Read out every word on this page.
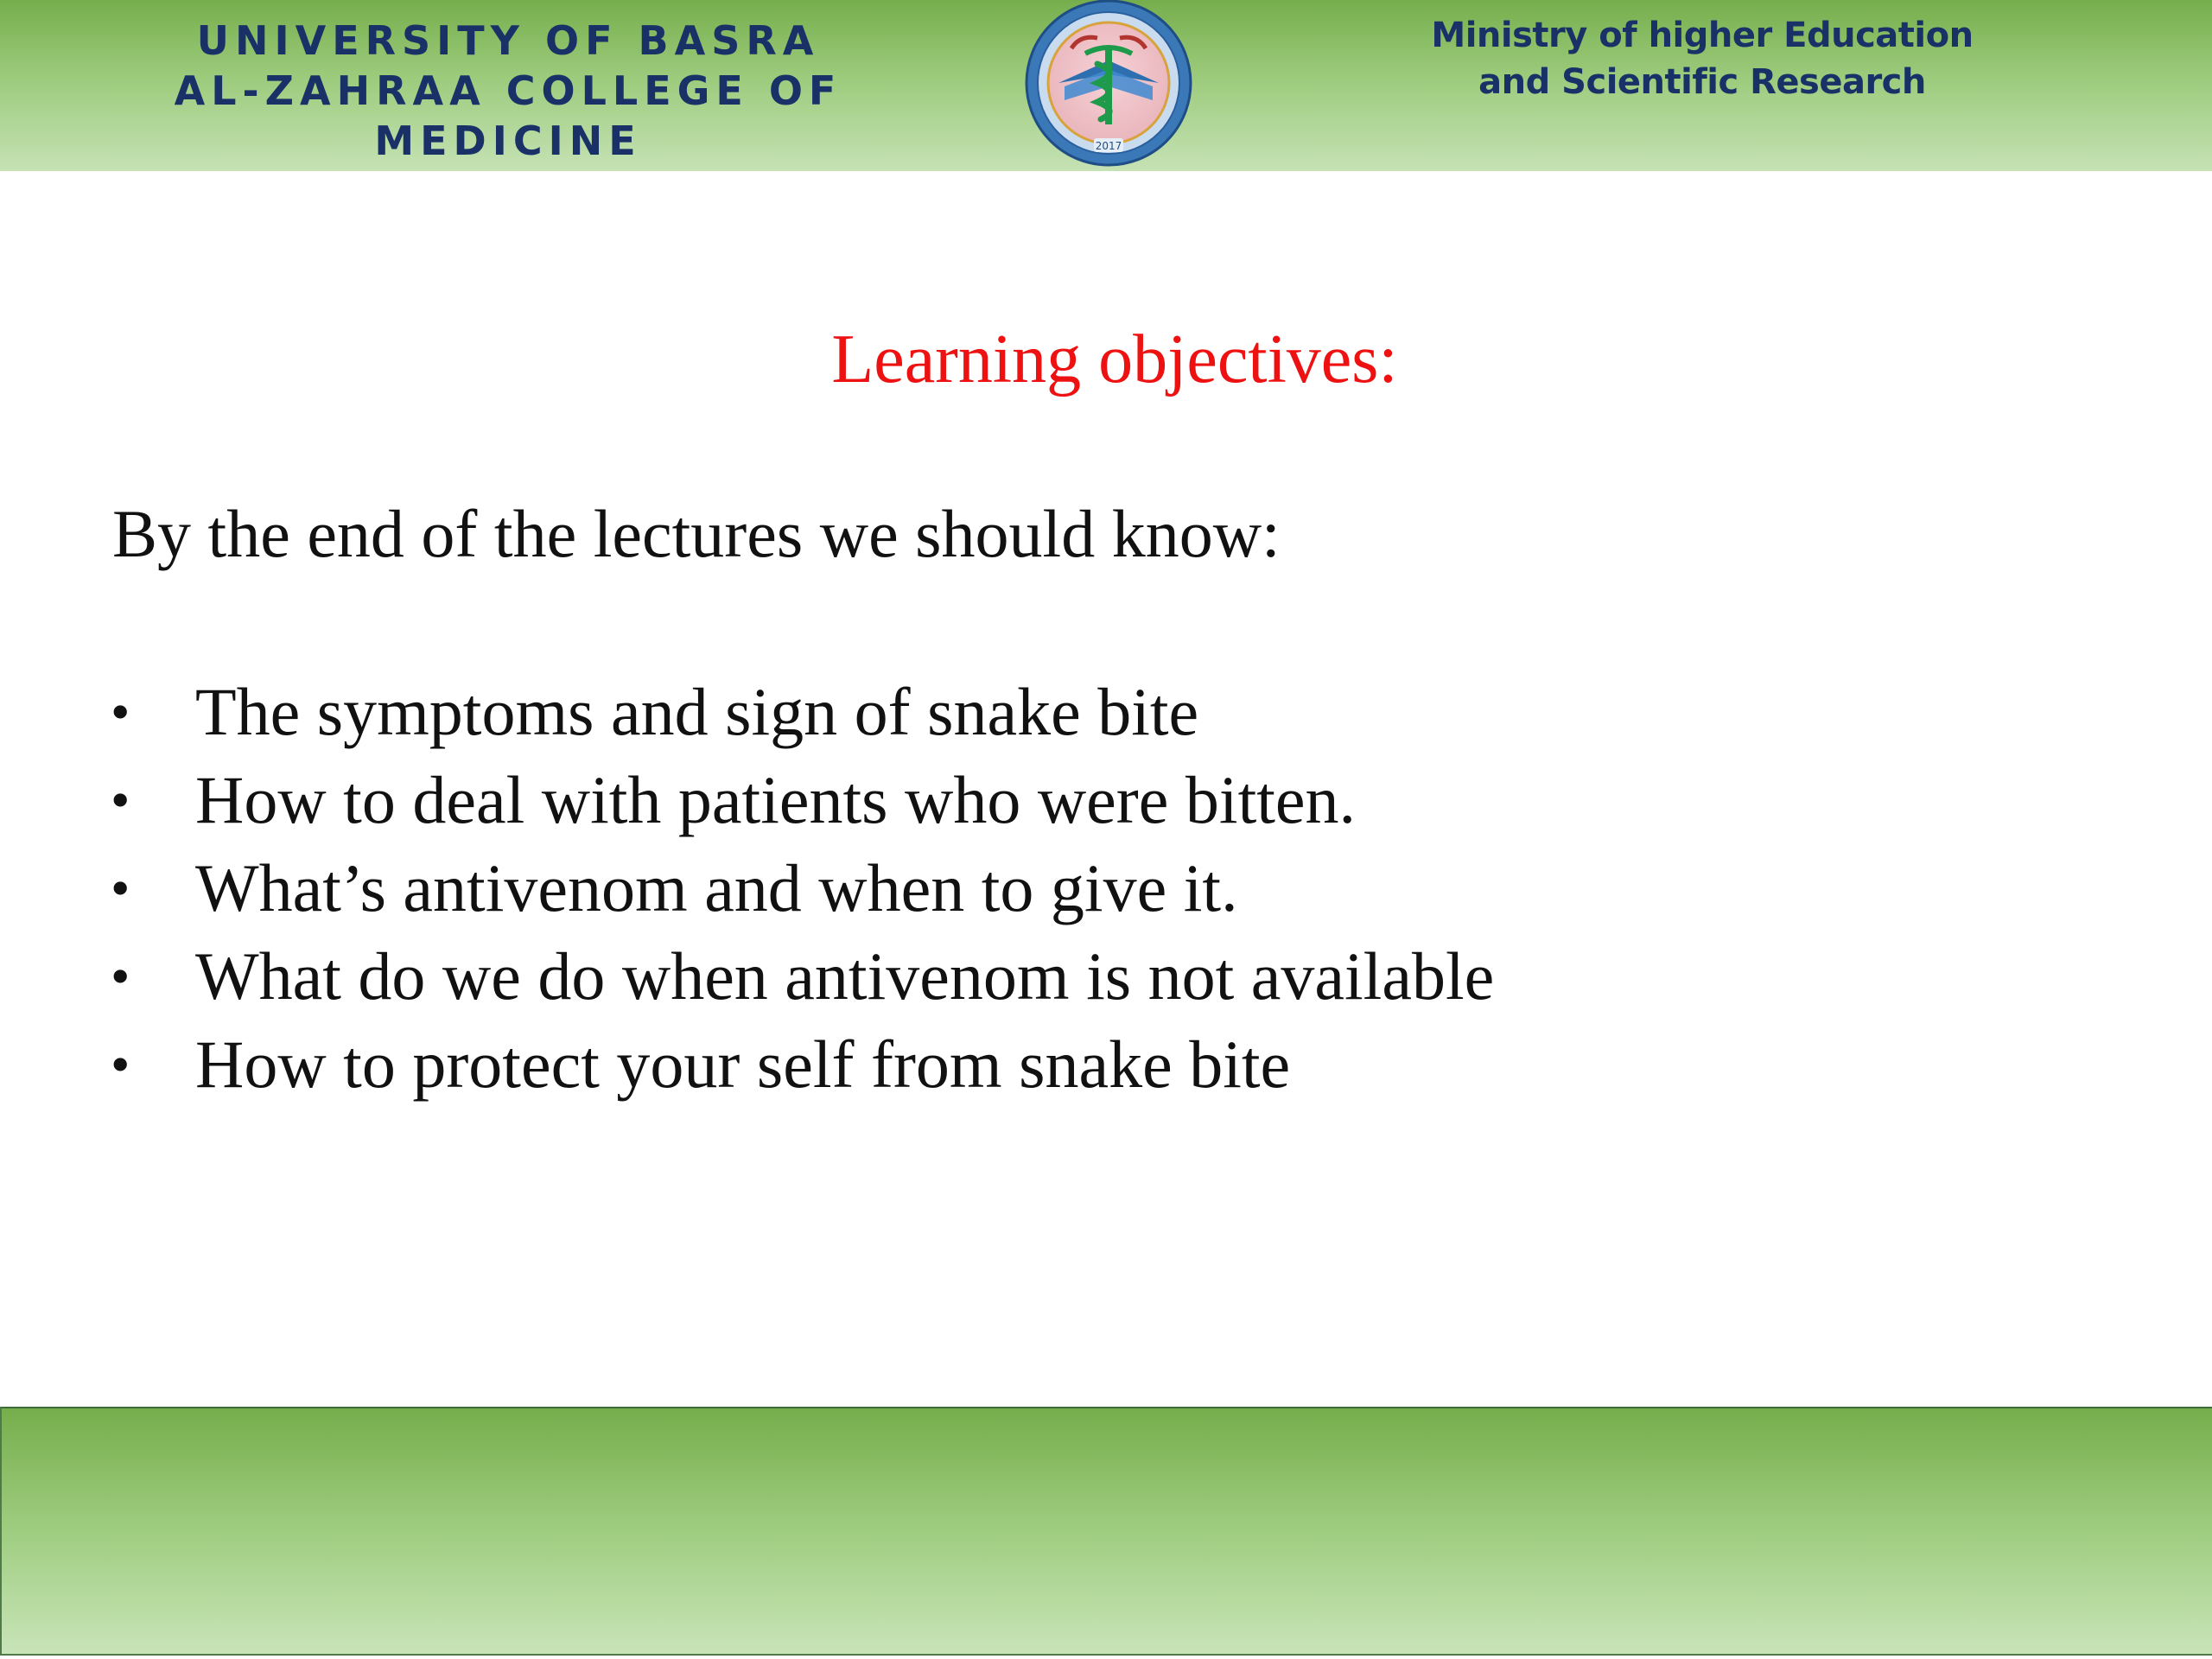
UNIVERSITY OF BASRA
AL-ZAHRAA COLLEGE OF MEDICINE	2017
Ministry of higher Education
and Scientific Research
Learning objectives:
By the end of the lectures we should know:
• The symptoms and sign of snake bite
• How to deal with patients who were bitten.
• What’s antivenom and when to give it.
• What do we do when antivenom is not available
• How to protect your self from snake bite
